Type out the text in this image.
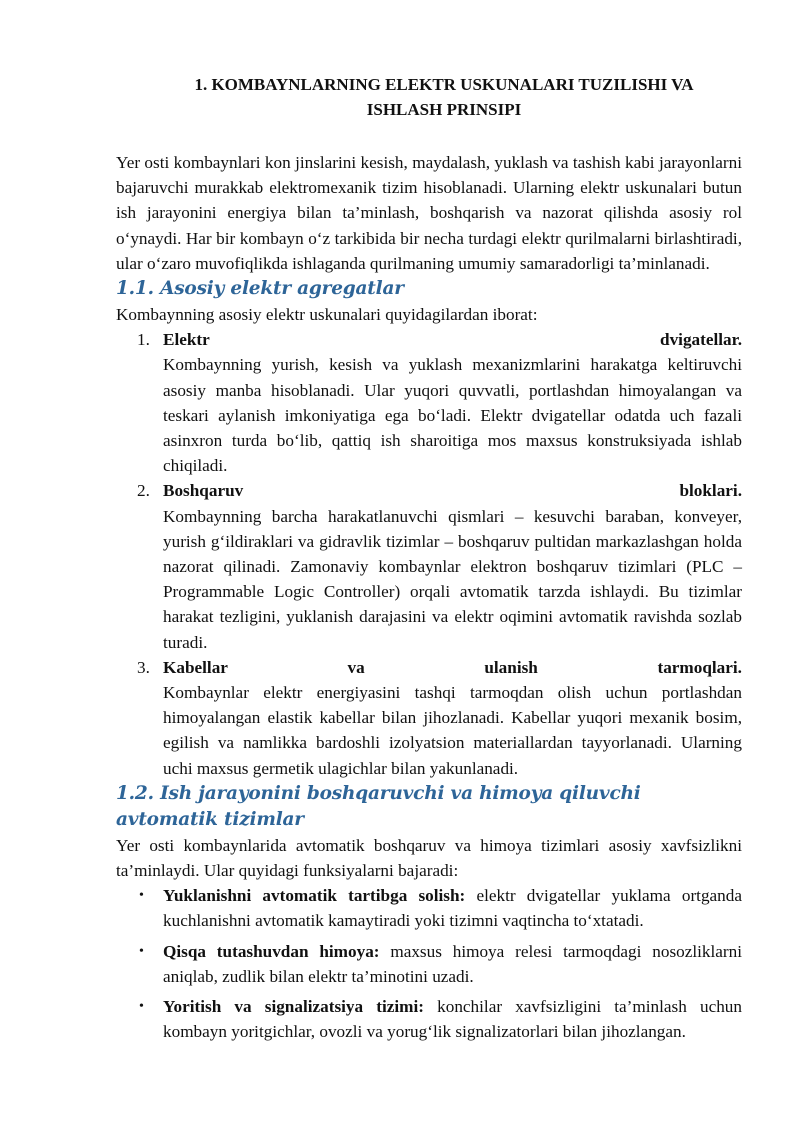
1. KOMBAYNLARNING ELEKTR USKUNALARI TUZILISHI VA
ISHLASH PRINSIPI

Yer osti kombaynlari kon jinslarini kesish, maydalash, yuklash va tashish kabi jarayonlarni bajaruvchi murakkab elektromexanik tizim hisoblanadi. Ularning elektr uskunalari butun ish jarayonini energiya bilan ta’minlash, boshqarish va nazorat qilishda asosiy rol o‘ynaydi. Har bir kombayn o‘z tarkibida bir necha turdagi elektr qurilmalarni birlashtiradi, ular o‘zaro muvofiqlikda ishlaganda qurilmaning umumiy samaradorligi ta’minlanadi.

1.1. Asosiy elektr agregatlar

Kombaynning asosiy elektr uskunalari quyidagilardan iborat:

1. Elektr	dvigatellar.

Kombaynning yurish, kesish va yuklash mexanizmlarini harakatga keltiruvchi asosiy manba hisoblanadi. Ular yuqori quvvatli, portlashdan himoyalangan va teskari aylanish imkoniyatiga ega bo‘ladi. Elektr dvigatellar odatda uch fazali asinxron turda bo‘lib, qattiq ish sharoitiga mos maxsus konstruksiyada ishlab chiqiladi.

2. Boshqaruv	bloklari.

Kombaynning barcha harakatlanuvchi qismlari – kesuvchi baraban, konveyer, yurish g‘ildiraklari va gidravlik tizimlar – boshqaruv pultidan markazlashgan holda nazorat qilinadi. Zamonaviy kombaynlar elektron boshqaruv tizimlari (PLC – Programmable Logic Controller) orqali avtomatik tarzda ishlaydi. Bu tizimlar harakat tezligini, yuklanish darajasini va elektr oqimini avtomatik ravishda sozlab turadi.

3. Kabellar	va	ulanish	tarmoqlari.

Kombaynlar elektr energiyasini tashqi tarmoqdan olish uchun portlashdan himoyalangan elastik kabellar bilan jihozlanadi. Kabellar yuqori mexanik bosim, egilish va namlikka bardoshli izolyatsion materiallardan tayyorlanadi. Ularning uchi maxsus germetik ulagichlar bilan yakunlanadi.

1.2. Ish jarayonini boshqaruvchi va himoya qiluvchi avtomatik tizimlar

Yer osti kombaynlarida avtomatik boshqaruv va himoya tizimlari asosiy xavfsizlikni ta’minlaydi. Ular quyidagi funksiyalarni bajaradi:

• Yuklanishni avtomatik tartibga solish: elektr dvigatellar yuklama ortganda kuchlanishni avtomatik kamaytiradi yoki tizimni vaqtincha to‘xtatadi.
• Qisqa tutashuvdan himoya: maxsus himoya relesi tarmoqdagi nosozliklarni aniqlab, zudlik bilan elektr ta’minotini uzadi.
• Yoritish va signalizatsiya tizimi: konchilar xavfsizligini ta’minlash uchun kombayn yoritgichlar, ovozli va yorug‘lik signalizatorlari bilan jihozlangan.
